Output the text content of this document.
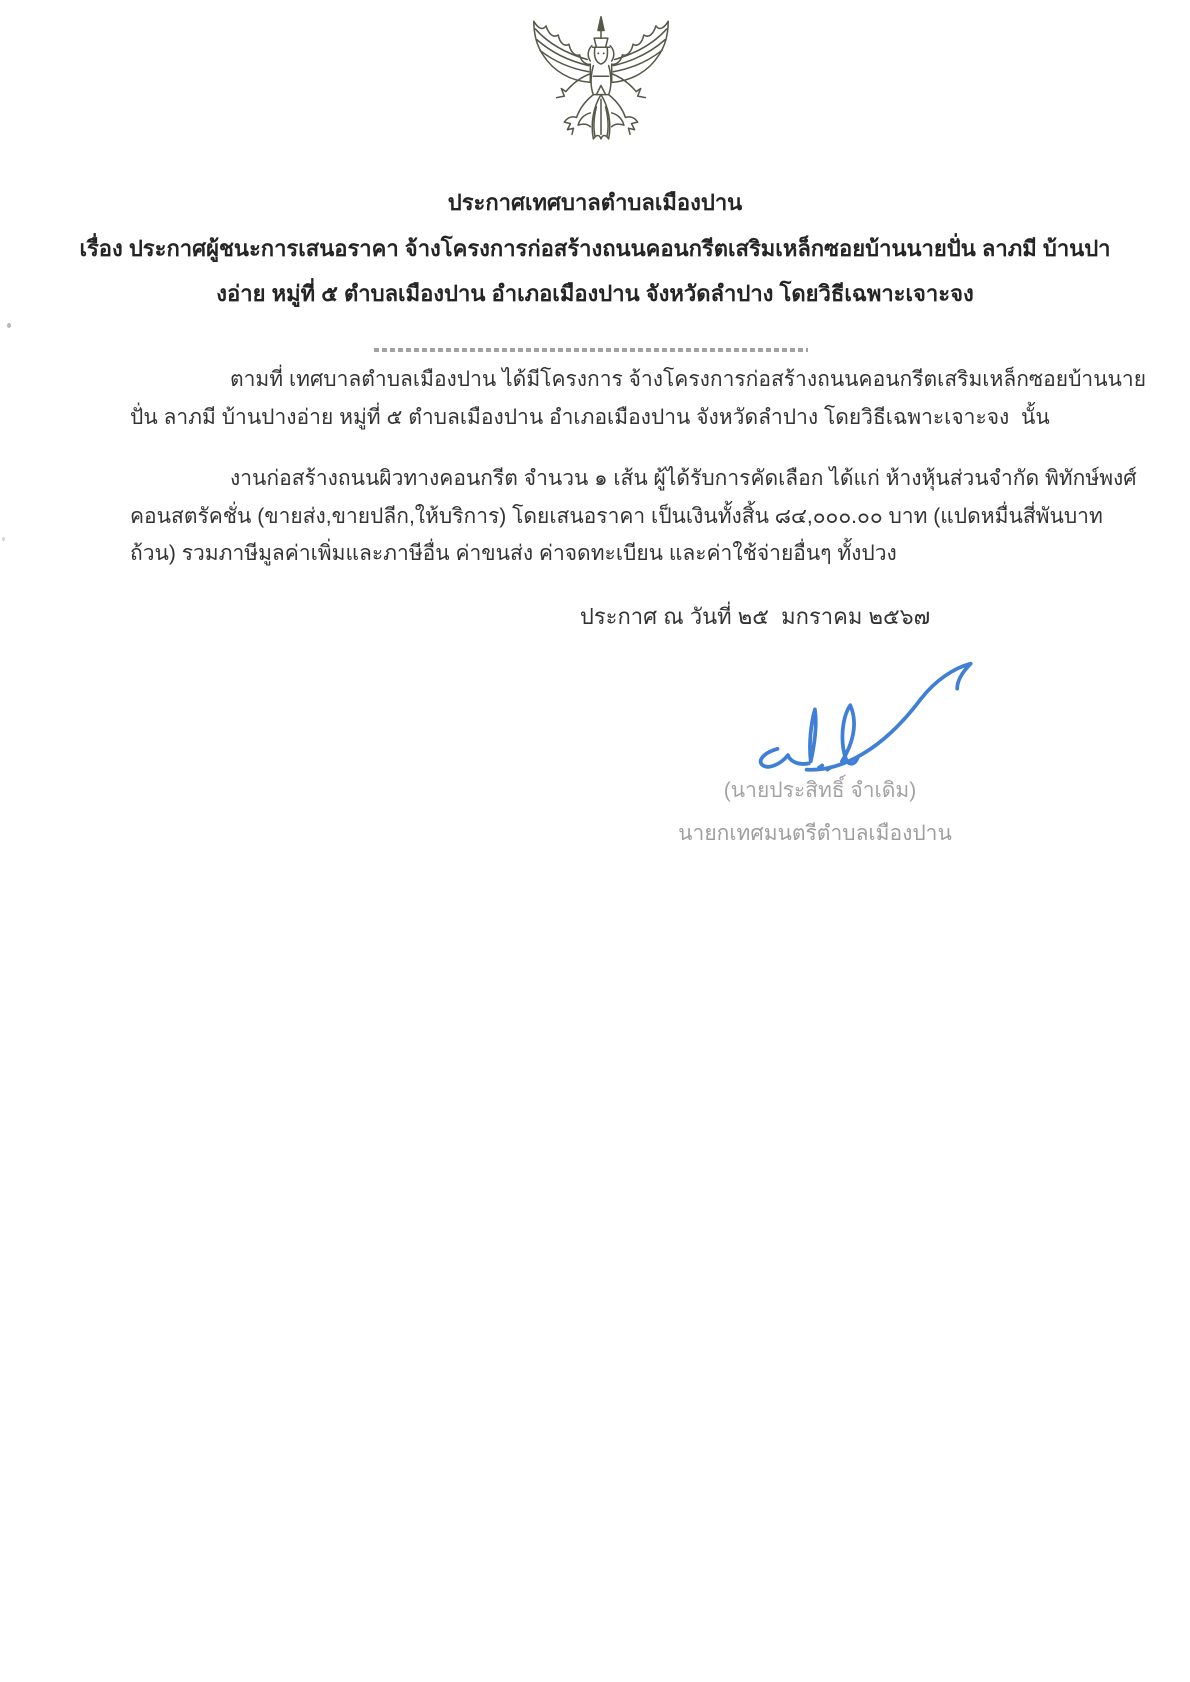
ประกาศเทศบาลตำบลเมืองปาน
เรื่อง ประกาศผู้ชนะการเสนอราคา จ้างโครงการก่อสร้างถนนคอนกรีตเสริมเหล็กซอยบ้านนายปั่น ลาภมี บ้านปา
งอ่าย หมู่ที่ ๕ ตำบลเมืองปาน อำเภอเมืองปาน จังหวัดลำปาง โดยวิธีเฉพาะเจาะจง
ตามที่ เทศบาลตำบลเมืองปาน ได้มีโครงการ จ้างโครงการก่อสร้างถนนคอนกรีตเสริมเหล็กซอยบ้านนาย
ปั่น ลาภมี บ้านปางอ่าย หมู่ที่ ๕ ตำบลเมืองปาน อำเภอเมืองปาน จังหวัดลำปาง โดยวิธีเฉพาะเจาะจง  นั้น
งานก่อสร้างถนนผิวทางคอนกรีต จำนวน ๑ เส้น ผู้ได้รับการคัดเลือก ได้แก่ ห้างหุ้นส่วนจำกัด พิทักษ์พงศ์
คอนสตรัคชั่น (ขายส่ง,ขายปลีก,ให้บริการ) โดยเสนอราคา เป็นเงินทั้งสิ้น ๘๔,๐๐๐.๐๐ บาท (แปดหมื่นสี่พันบาท
ถ้วน) รวมภาษีมูลค่าเพิ่มและภาษีอื่น ค่าขนส่ง ค่าจดทะเบียน และค่าใช้จ่ายอื่นๆ ทั้งปวง
ประกาศ ณ วันที่ ๒๕  มกราคม ๒๕๖๗
(นายประสิทธิ์ จำเดิม)
นายกเทศมนตรีตำบลเมืองปาน
